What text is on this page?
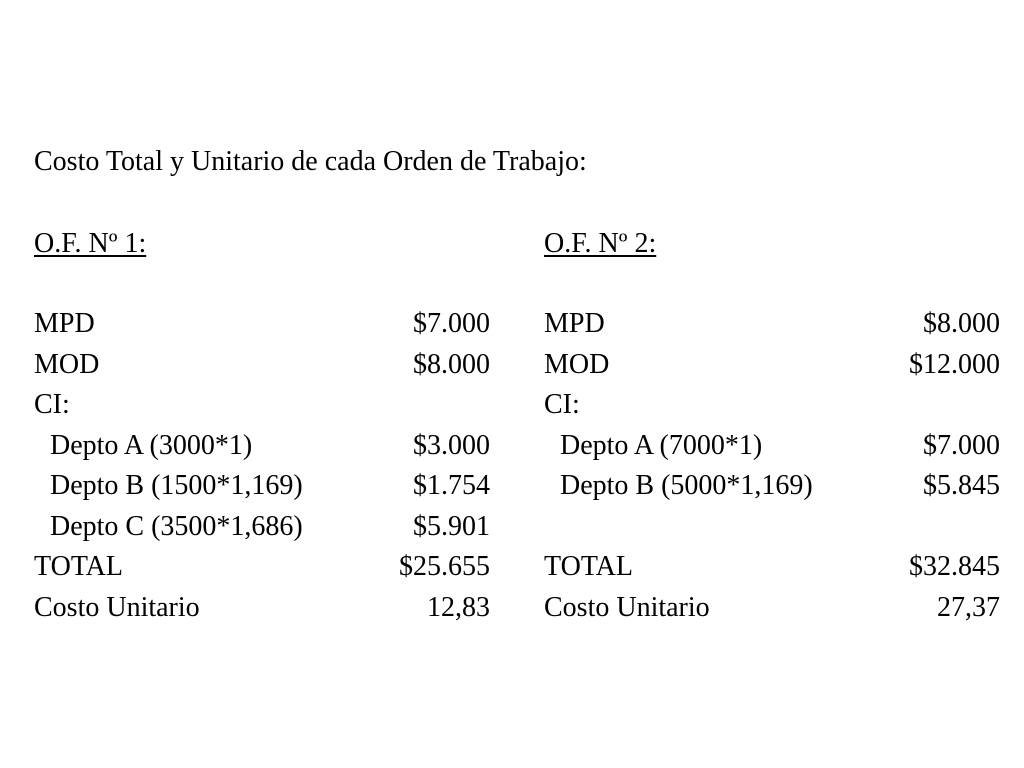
Costo Total y Unitario de cada Orden de Trabajo:
O.F. Nº 1:
MPD	$7.000
MOD	$8.000
CI:
Depto A (3000*1)	$3.000
Depto B (1500*1,169)	$1.754
Depto C (3500*1,686)	$5.901
TOTAL	$25.655
Costo Unitario	12,83
O.F. Nº 2:
MPD	$8.000
MOD	$12.000
CI:
Depto A (7000*1)	$7.000
Depto B (5000*1,169)	$5.845
TOTAL	$32.845
Costo Unitario	27,37
